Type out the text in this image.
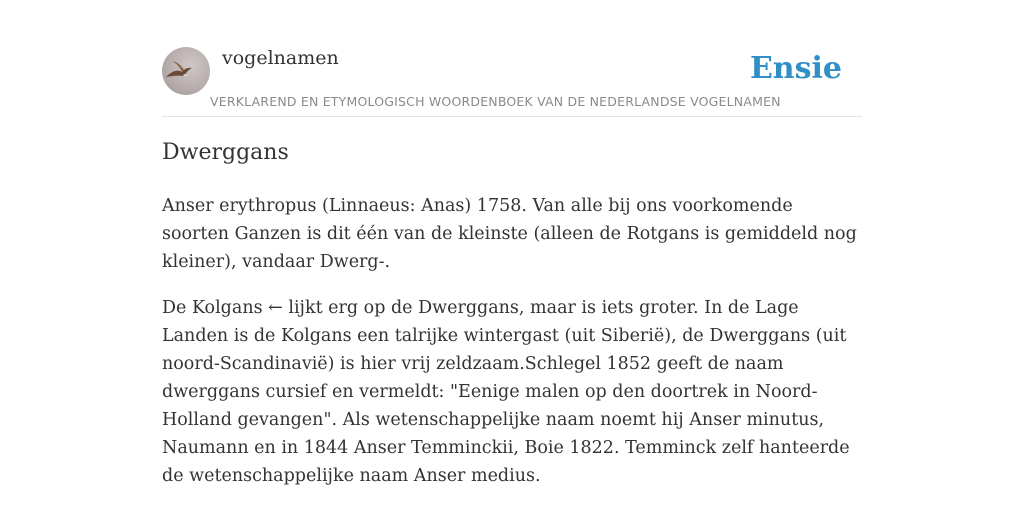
vogelnamen	Ensie
VERKLAREND EN ETYMOLOGISCH WOORDENBOEK VAN DE NEDERLANDSE VOGELNAMEN
Dwerggans

Anser erythropus (Linnaeus: Anas) 1758. Van alle bij ons voorkomende soorten Ganzen is dit één van de kleinste (alleen de Rotgans is gemiddeld nog kleiner), vandaar Dwerg-.

De Kolgans ← lijkt erg op de Dwerggans, maar is iets groter. In de Lage Landen is de Kolgans een talrijke wintergast (uit Siberië), de Dwerggans (uit noord-Scandinavië) is hier vrij zeldzaam.Schlegel 1852 geeft de naam dwerggans cursief en vermeldt: "Eenige malen op den doortrek in Noord-Holland gevangen". Als wetenschappelijke naam noemt hij Anser minutus, Naumann en in 1844 Anser Temminckii, Boie 1822. Temminck zelf hanteerde de wetenschappelijke naam Anser medius.
